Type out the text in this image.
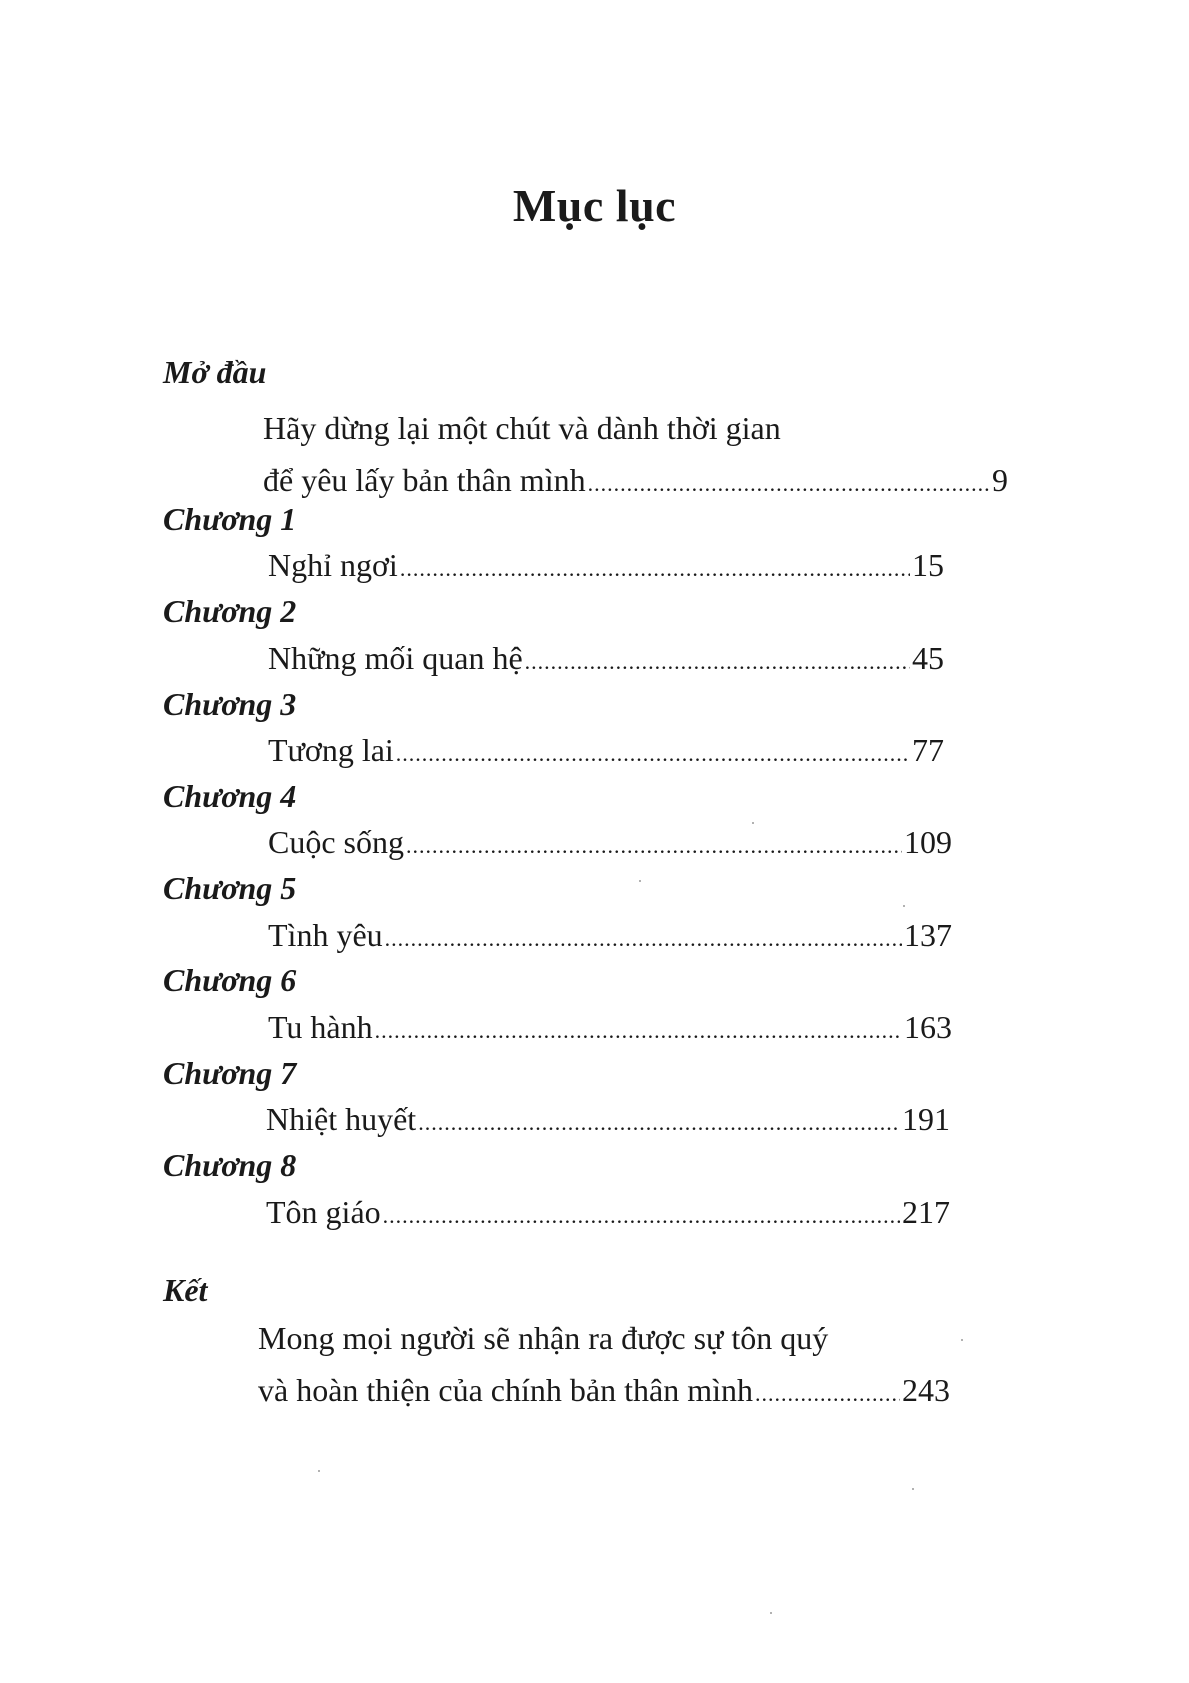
Mục lục
Mở đầu
Hãy dừng lại một chút và dành thời gian
để yêu lấy bản thân mình .....	9
Chương 1
Nghỉ ngơi .....	15
Chương 2
Những mối quan hệ .....	45
Chương 3
Tương lai .....	77
Chương 4
Cuộc sống .....	109
Chương 5
Tình yêu .....	137
Chương 6
Tu hành .....	163
Chương 7
Nhiệt huyết .....	191
Chương 8
Tôn giáo .....	217
Kết
Mong mọi người sẽ nhận ra được sự tôn quý
và hoàn thiện của chính bản thân mình .....	243
